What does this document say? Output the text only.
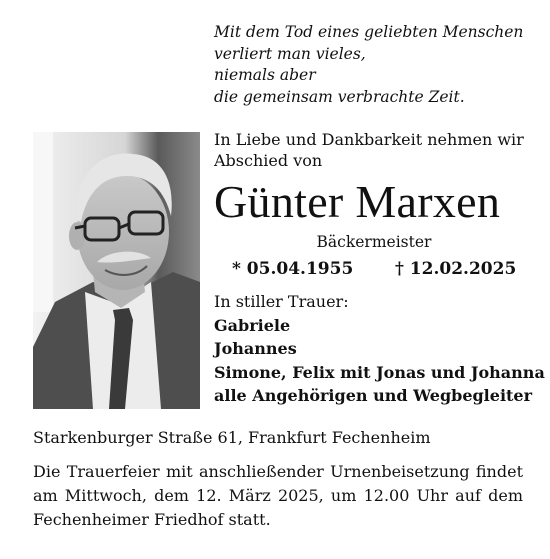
Mit dem Tod eines geliebten Menschen
verliert man vieles,
niemals aber
die gemeinsam verbrachte Zeit.
In Liebe und Dankbarkeit nehmen wir
Abschied von
Günter Marxen
Bäckermeister
* 05.04.1955 † 12.02.2025
In stiller Trauer:
Gabriele
Johannes
Simone, Felix mit Jonas und Johanna
alle Angehörigen und Wegbegleiter
Starkenburger Straße 61, Frankfurt Fechenheim
Die Trauerfeier mit anschließender Urnenbeisetzung findet am Mittwoch, dem 12. März 2025, um 12.00 Uhr auf dem Fechenheimer Friedhof statt.
